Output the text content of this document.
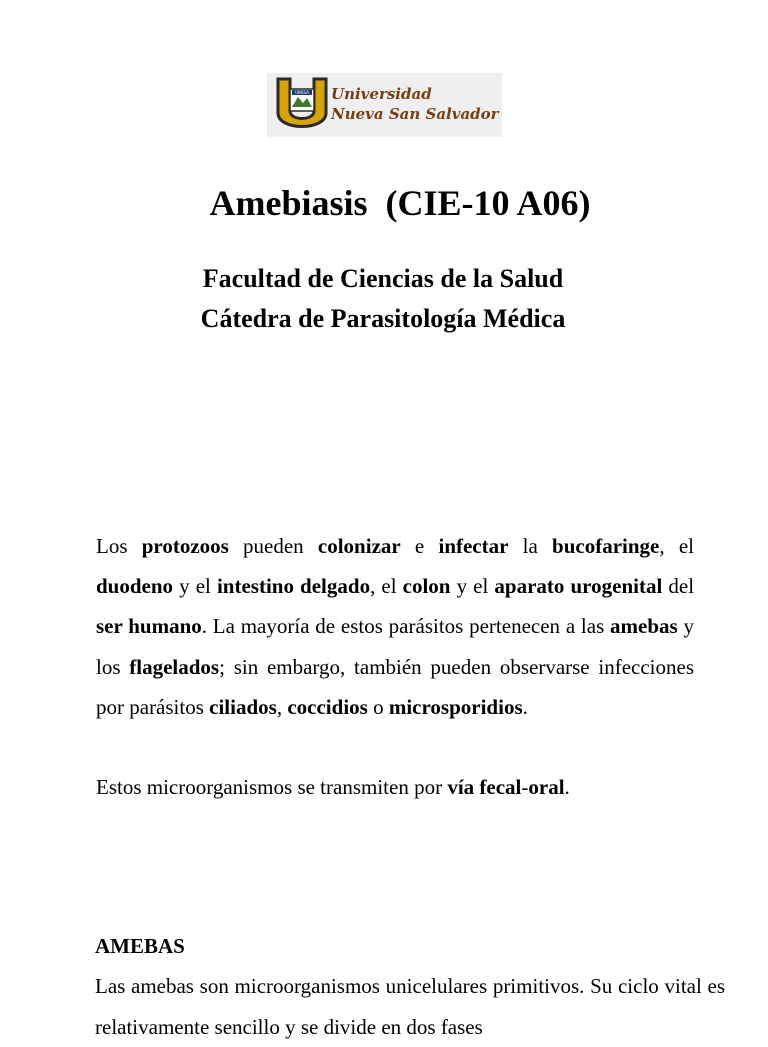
UNSSA Universidad
Nueva San Salvador
Amebiasis  (CIE-10 A06)
Facultad de Ciencias de la Salud
Cátedra de Parasitología Médica
Los protozoos pueden colonizar e infectar la bucofaringe, el duodeno y el intestino delgado, el colon y el aparato urogenital del ser humano. La mayoría de estos parásitos pertenecen a las amebas y los flagelados; sin embargo, también pueden observarse infecciones por parásitos ciliados, coccidios o microsporidios.
Estos microorganismos se transmiten por vía fecal-oral.
AMEBAS
Las amebas son microorganismos unicelulares primitivos. Su ciclo vital es relativamente sencillo y se divide en dos fases
